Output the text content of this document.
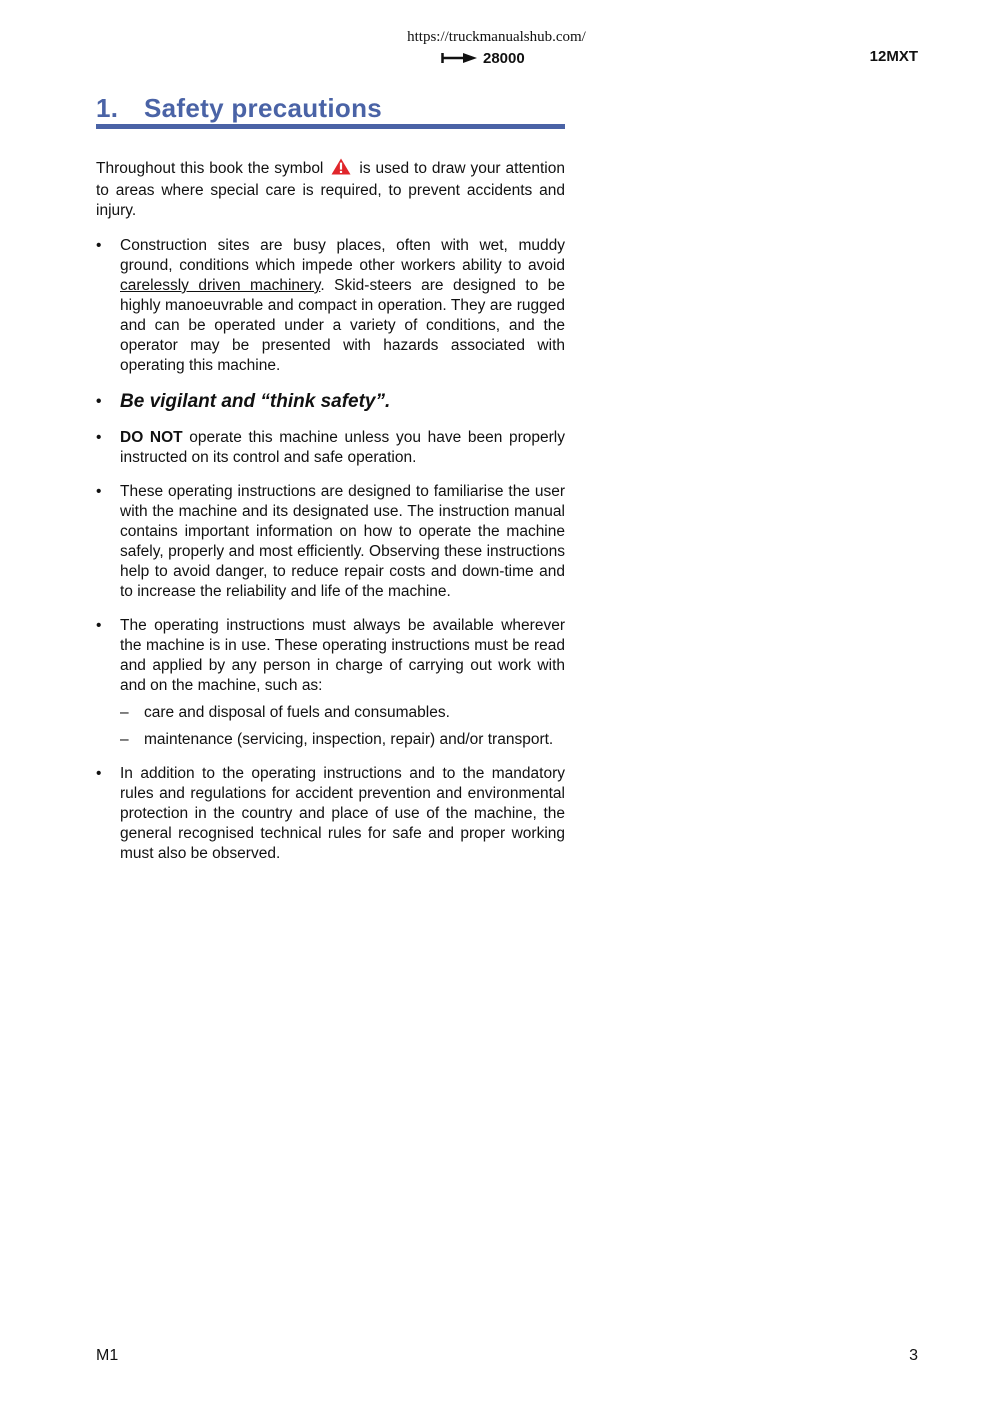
https://truckmanualshub.com/
28000	12MXT
1. Safety precautions

Throughout this book the symbol is used to draw your attention to areas where special care is required, to prevent accidents and injury.

• Construction sites are busy places, often with wet, muddy ground, conditions which impede other workers ability to avoid carelessly driven machinery. Skid-steers are designed to be highly manoeuvrable and compact in operation. They are rugged and can be operated under a variety of conditions, and the operator may be presented with hazards associated with operating this machine.
• Be vigilant and “think safety”.
• DO NOT operate this machine unless you have been properly instructed on its control and safe operation.
• These operating instructions are designed to familiarise the user with the machine and its designated use. The instruction manual contains important information on how to operate the machine safely, properly and most efficiently. Observing these instructions help to avoid danger, to reduce repair costs and down-time and to increase the reliability and life of the machine.
• The operating instructions must always be available wherever the machine is in use. These operating instructions must be read and applied by any person in charge of carrying out work with and on the machine, such as:
– care and disposal of fuels and consumables.
– maintenance (servicing, inspection, repair) and/or transport.
• In addition to the operating instructions and to the mandatory rules and regulations for accident prevention and environmental protection in the country and place of use of the machine, the general recognised technical rules for safe and proper working must also be observed.
M1	3
